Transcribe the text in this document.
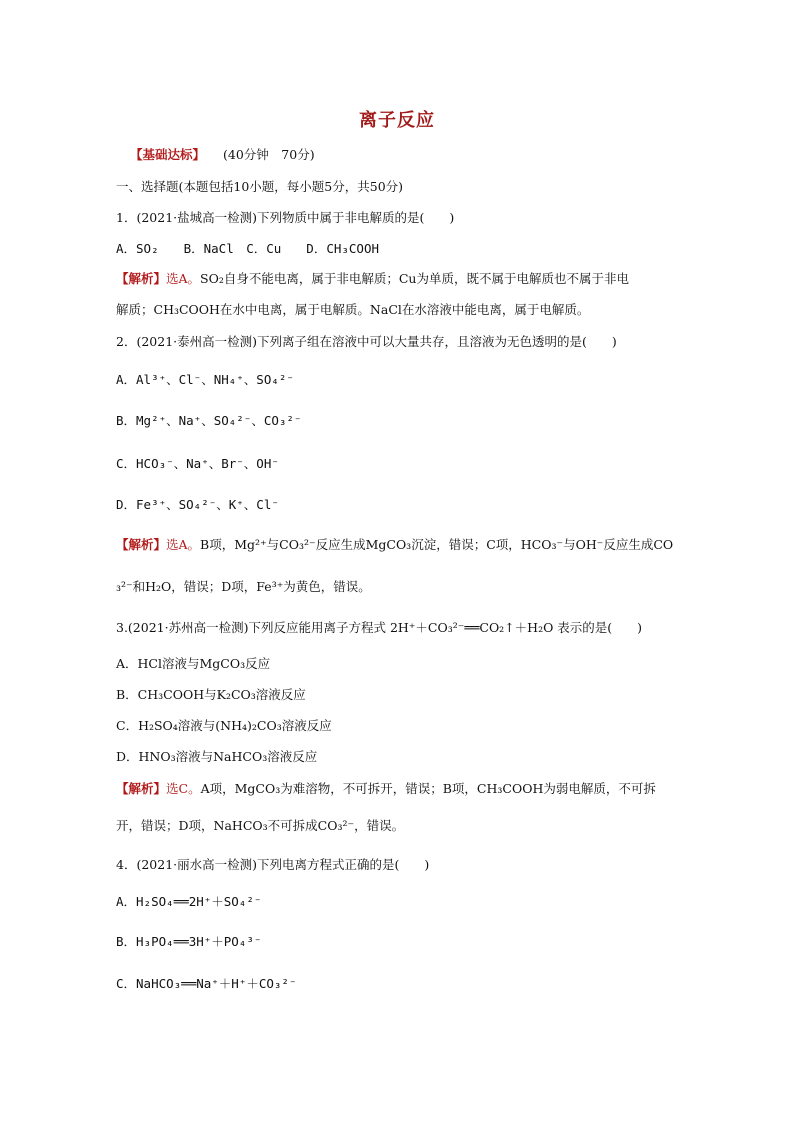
离子反应
【基础达标】 (40分钟　70分)
一、选择题(本题包括10小题，每小题5分，共50分)
1．(2021·盐城高一检测)下列物质中属于非电解质的是(　　)
A．SO₂　　B．NaCl　C．Cu　　D．CH₃COOH
【解析】选A。SO₂自身不能电离，属于非电解质；Cu为单质，既不属于电解质也不属于非电
解质；CH₃COOH在水中电离，属于电解质。NaCl在水溶液中能电离，属于电解质。
2．(2021·泰州高一检测)下列离子组在溶液中可以大量共存，且溶液为无色透明的是(　　)
A．Al³⁺、Cl⁻、NH₄⁺、SO₄²⁻
B．Mg²⁺、Na⁺、SO₄²⁻、CO₃²⁻
C．HCO₃⁻、Na⁺、Br⁻、OH⁻
D．Fe³⁺、SO₄²⁻、K⁺、Cl⁻
【解析】选A。B项，Mg²⁺与CO₃²⁻反应生成MgCO₃沉淀，错误；C项，HCO₃⁻与OH⁻反应生成CO
₃²⁻和H₂O，错误；D项，Fe³⁺为黄色，错误。
3.(2021·苏州高一检测)下列反应能用离子方程式 2H⁺＋CO₃²⁻══CO₂↑＋H₂O 表示的是(　　)
A．HCl溶液与MgCO₃反应
B．CH₃COOH与K₂CO₃溶液反应
C．H₂SO₄溶液与(NH₄)₂CO₃溶液反应
D．HNO₃溶液与NaHCO₃溶液反应
【解析】选C。A项，MgCO₃为难溶物，不可拆开，错误；B项，CH₃COOH为弱电解质，不可拆
开，错误；D项，NaHCO₃不可拆成CO₃²⁻，错误。
4．(2021·丽水高一检测)下列电离方程式正确的是(　　)
A．H₂SO₄══2H⁺＋SO₄²⁻
B．H₃PO₄══3H⁺＋PO₄³⁻
C．NaHCO₃══Na⁺＋H⁺＋CO₃²⁻
